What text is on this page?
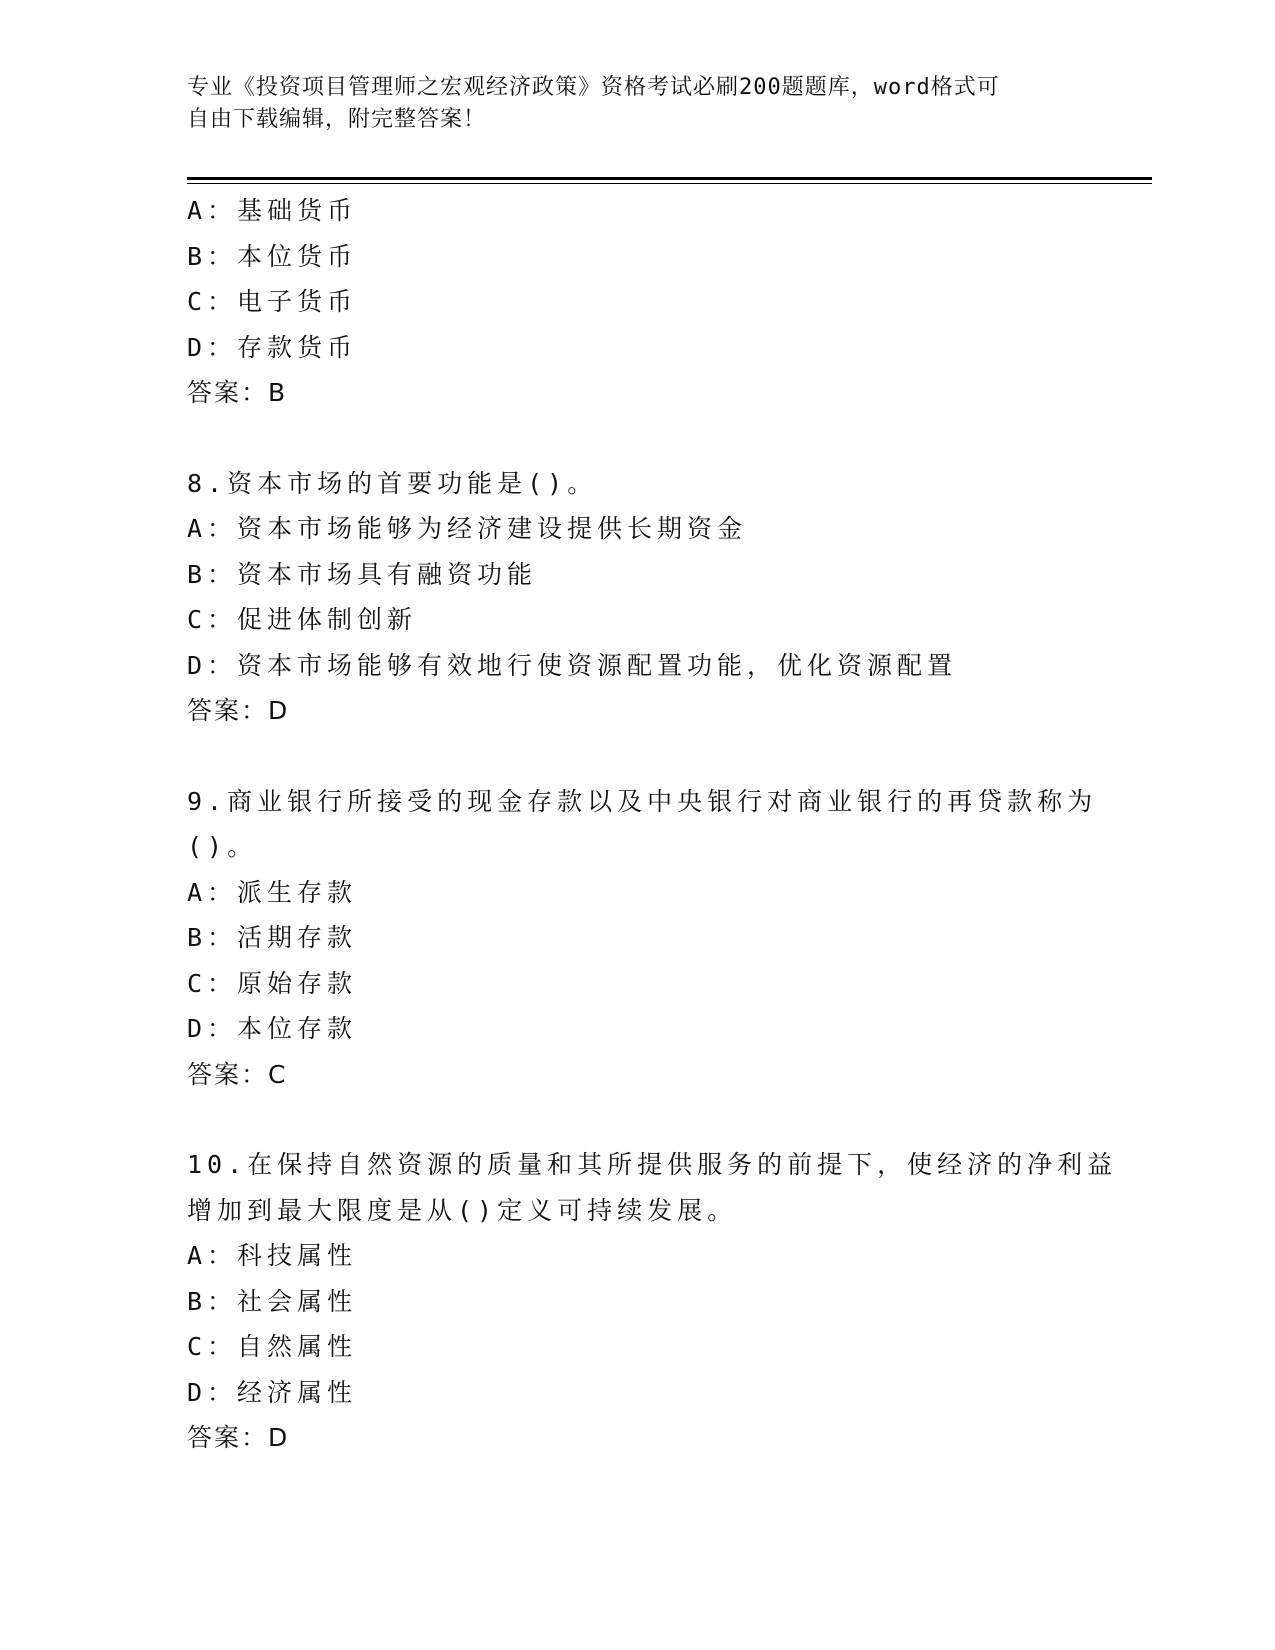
专业《投资项目管理师之宏观经济政策》资格考试必刷200题题库，word格式可
自由下载编辑，附完整答案！
A：基础货币
B：本位货币
C：电子货币
D：存款货币
答案：B
8.资本市场的首要功能是()。
A：资本市场能够为经济建设提供长期资金
B：资本市场具有融资功能
C：促进体制创新
D：资本市场能够有效地行使资源配置功能，优化资源配置
答案：D
9.商业银行所接受的现金存款以及中央银行对商业银行的再贷款称为
()。
A：派生存款
B：活期存款
C：原始存款
D：本位存款
答案：C
10.在保持自然资源的质量和其所提供服务的前提下，使经济的净利益
增加到最大限度是从()定义可持续发展。
A：科技属性
B：社会属性
C：自然属性
D：经济属性
答案：D
